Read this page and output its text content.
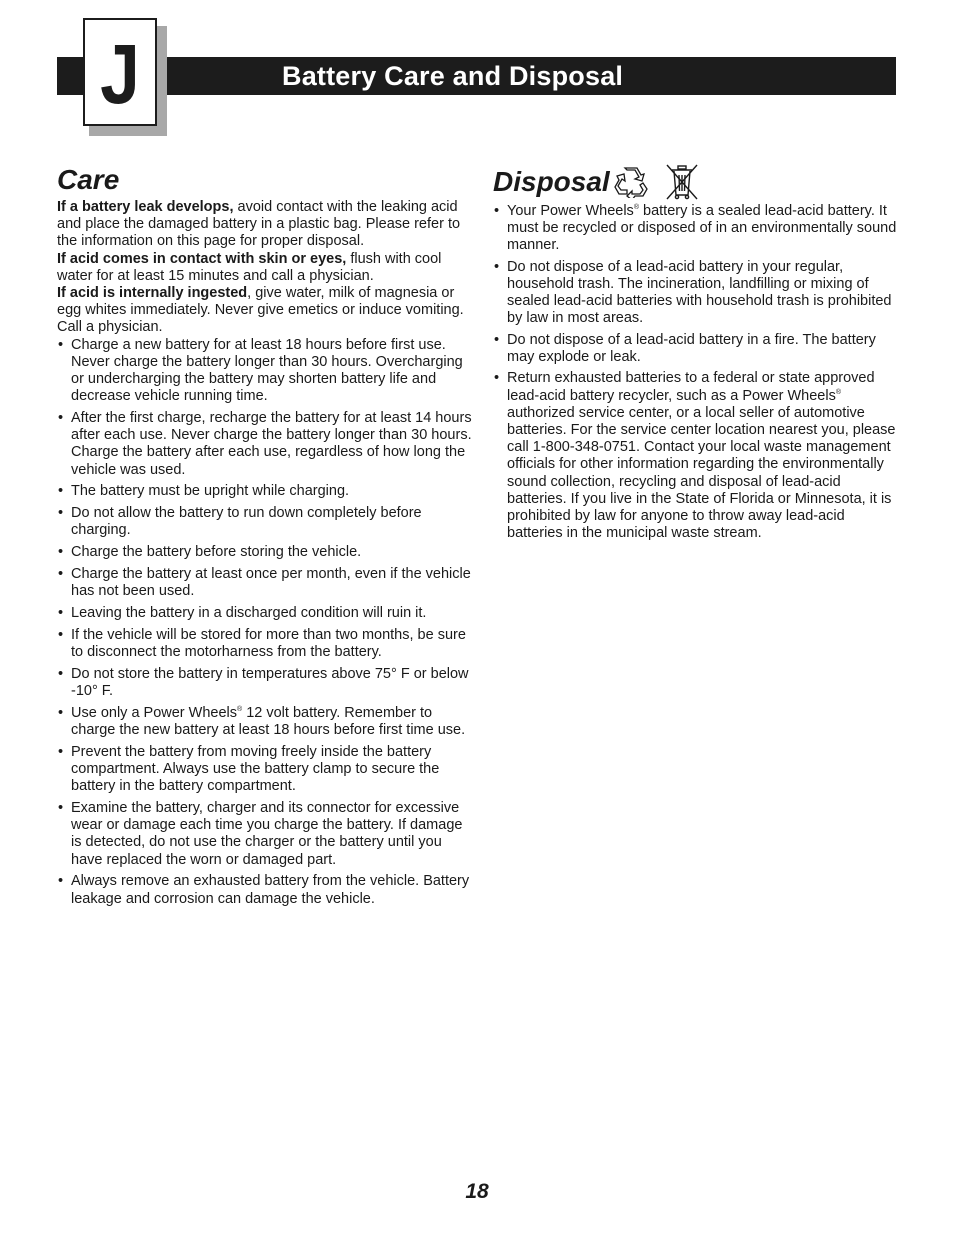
Battery Care and Disposal
J
Care

If a battery leak develops, avoid contact with the leaking acid and place the damaged battery in a plastic bag. Please refer to the information on this page for proper disposal.

If acid comes in contact with skin or eyes, flush with cool water for at least 15 minutes and call a physician.

If acid is internally ingested, give water, milk of magnesia or egg whites immediately. Never give emetics or induce vomiting. Call a physician.

• Charge a new battery for at least 18 hours before first use. Never charge the battery longer than 30 hours. Overcharging or undercharging the battery may shorten battery life and decrease vehicle running time.
• After the first charge, recharge the battery for at least 14 hours after each use. Never charge the battery longer than 30 hours. Charge the battery after each use, regardless of how long the vehicle was used.
• The battery must be upright while charging.
• Do not allow the battery to run down completely before charging.
• Charge the battery before storing the vehicle.
• Charge the battery at least once per month, even if the vehicle has not been used.
• Leaving the battery in a discharged condition will ruin it.
• If the vehicle will be stored for more than two months, be sure to disconnect the motorharness from the battery.
• Do not store the battery in temperatures above 75° F or below -10° F.
• Use only a Power Wheels® 12 volt battery. Remember to charge the new battery at least 18 hours before first time use.
• Prevent the battery from moving freely inside the battery compartment. Always use the battery clamp to secure the battery in the battery compartment.
• Examine the battery, charger and its connector for excessive wear or damage each time you charge the battery. If damage is detected, do not use the charger or the battery until you have replaced the worn or damaged part.
• Always remove an exhausted battery from the vehicle. Battery leakage and corrosion can damage the vehicle.
Disposal
• Your Power Wheels® battery is a sealed lead-acid battery. It must be recycled or disposed of in an environmentally sound manner.
• Do not dispose of a lead-acid battery in your regular, household trash. The incineration, landfilling or mixing of sealed lead-acid batteries with household trash is prohibited by law in most areas.
• Do not dispose of a lead-acid battery in a fire. The battery may explode or leak.
• Return exhausted batteries to a federal or state approved lead-acid battery recycler, such as a Power Wheels® authorized service center, or a local seller of automotive batteries. For the service center location nearest you, please call 1-800-348-0751. Contact your local waste management officials for other information regarding the environmentally sound collection, recycling and disposal of lead-acid batteries. If you live in the State of Florida or Minnesota, it is prohibited by law for anyone to throw away lead-acid batteries in the municipal waste stream.
18
